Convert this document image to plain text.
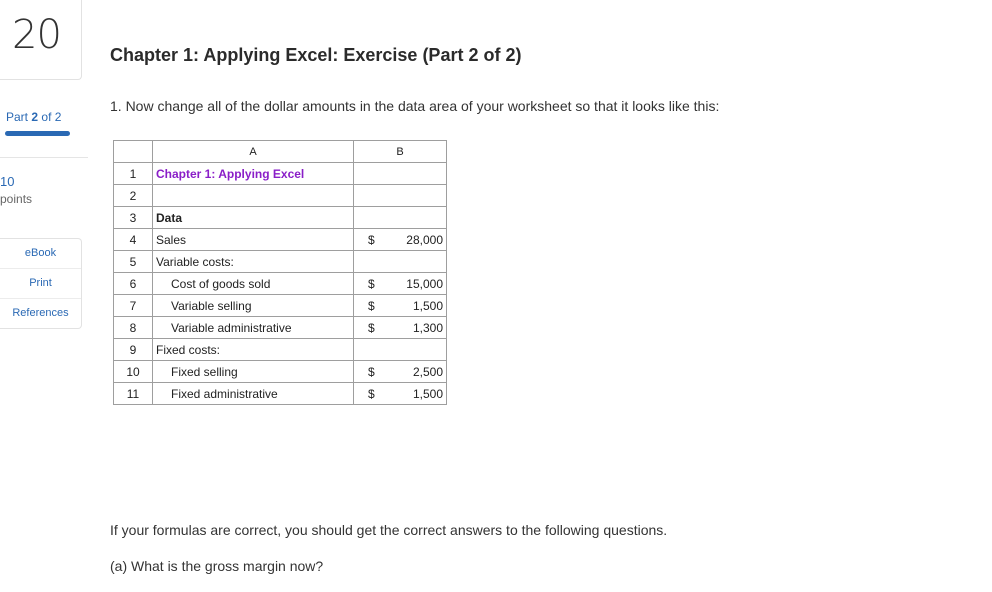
20
Part 2 of 2
10
points
eBook
Print
References
Chapter 1: Applying Excel: Exercise (Part 2 of 2)
1. Now change all of the dollar amounts in the data area of your worksheet so that it looks like this:
	A	B
1	Chapter 1: Applying Excel	

2		

3	Data	

4	Sales	$ 28,000

5	Variable costs:	

6	Cost of goods sold	$ 15,000

7	Variable selling	$ 1,500

8	Variable administrative	$ 1,300

9	Fixed costs:	

10	Fixed selling	$ 2,500

11	Fixed administrative	$ 1,500
If your formulas are correct, you should get the correct answers to the following questions.
(a) What is the gross margin now?
